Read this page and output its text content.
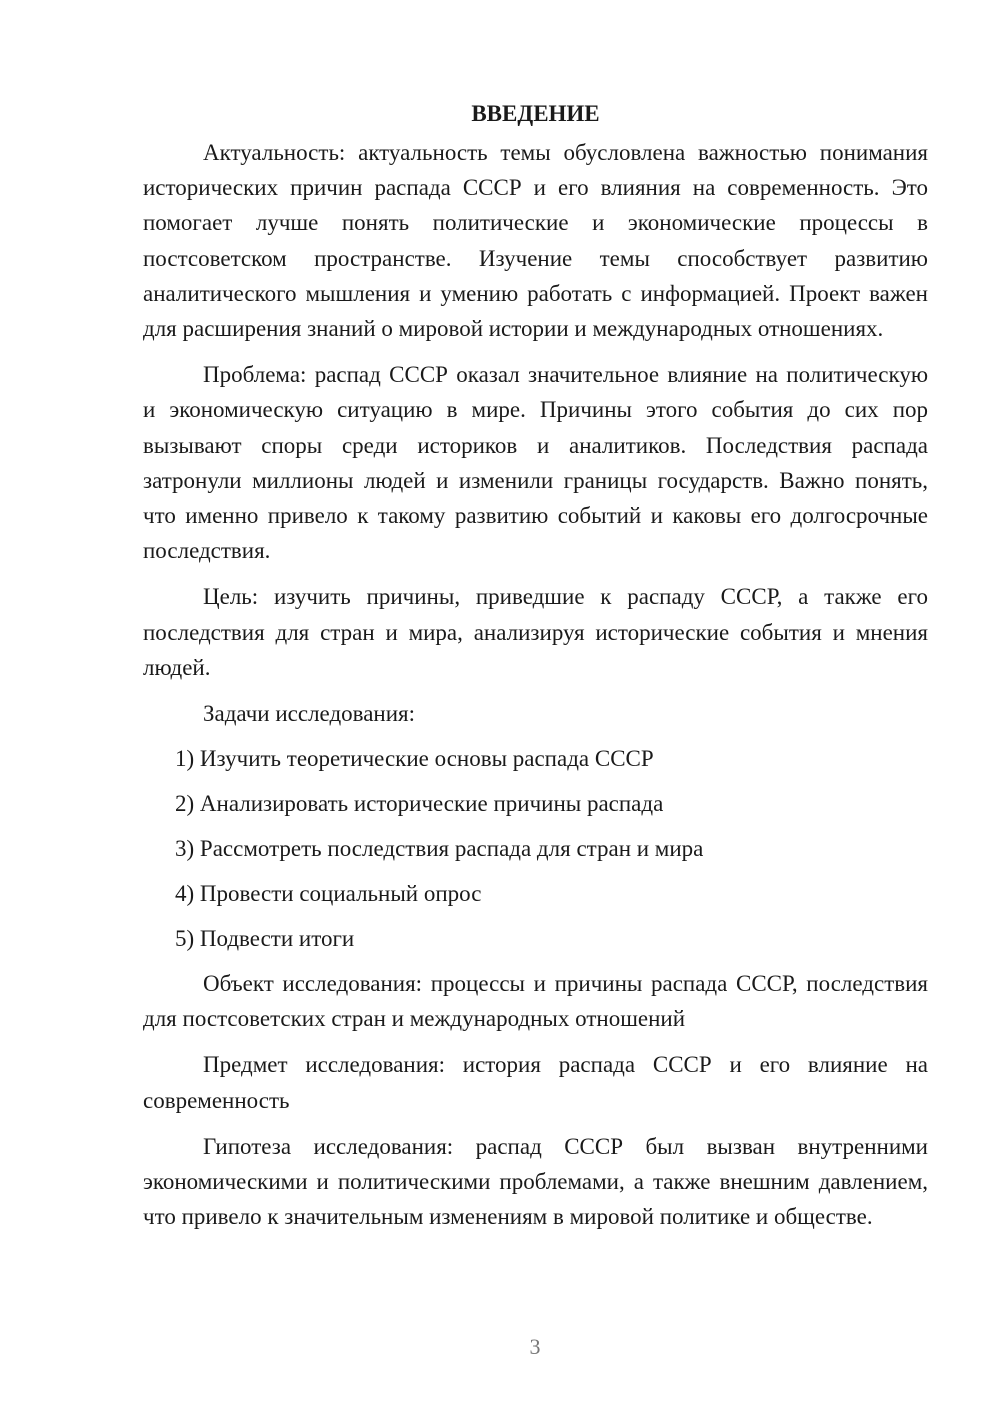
ВВЕДЕНИЕ

Актуальность: актуальность темы обусловлена важностью понимания исторических причин распада СССР и его влияния на современность. Это помогает лучше понять политические и экономические процессы в постсоветском пространстве. Изучение темы способствует развитию аналитического мышления и умению работать с информацией. Проект важен для расширения знаний о мировой истории и международных отношениях.

Проблема: распад СССР оказал значительное влияние на политическую и экономическую ситуацию в мире. Причины этого события до сих пор вызывают споры среди историков и аналитиков. Последствия распада затронули миллионы людей и изменили границы государств. Важно понять, что именно привело к такому развитию событий и каковы его долгосрочные последствия.

Цель: изучить причины, приведшие к распаду СССР, а также его последствия для стран и мира, анализируя исторические события и мнения людей.

Задачи исследования:

1) Изучить теоретические основы распада СССР
2) Анализировать исторические причины распада
3) Рассмотреть последствия распада для стран и мира
4) Провести социальный опрос
5) Подвести итоги

Объект исследования: процессы и причины распада СССР, последствия для постсоветских стран и международных отношений

Предмет исследования: история распада СССР и его влияние на современность

Гипотеза исследования: распад СССР был вызван внутренними экономическими и политическими проблемами, а также внешним давлением, что привело к значительным изменениям в мировой политике и обществе.

3
